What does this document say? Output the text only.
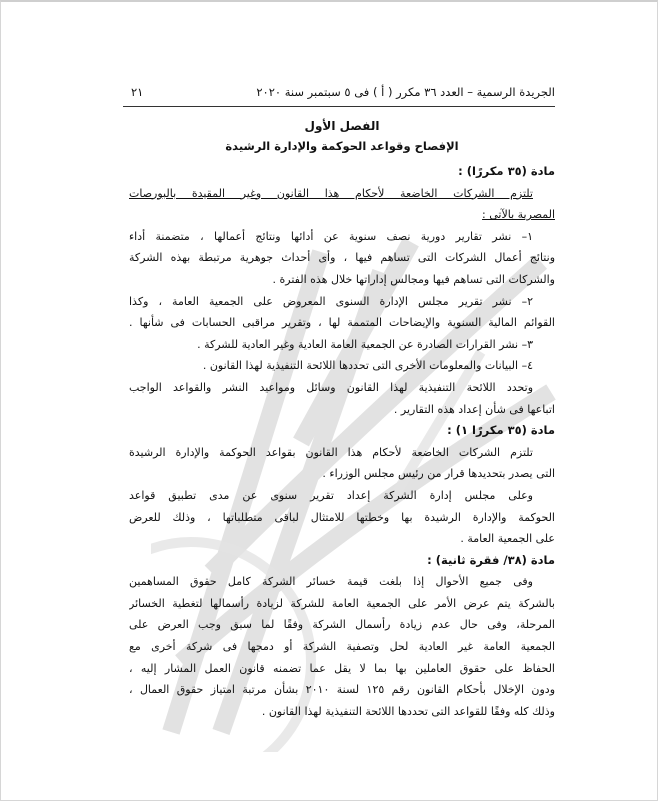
الجريدة الرسمية – العدد ٣٦ مكرر ( أ ) فى ٥ سبتمبر سنة ٢٠٢٠
٢١
الفصل الأول
الإفصاح وقواعد الحوكمة والإدارة الرشيدة
مادة (٣٥ مكررًا) :
تلتزم الشركات الخاضعة لأحكام هذا القانون وغير المقيدة بالبورصات
المصرية بالآتى :
١– نشر تقارير دورية نصف سنوية عن أدائها ونتائج أعمالها ، متضمنة أداء
ونتائج أعمال الشركات التى تساهم فيها ، وأى أحداث جوهرية مرتبطة بهذه الشركة
والشركات التى تساهم فيها ومجالس إداراتها خلال هذه الفترة .
٢– نشر تقرير مجلس الإدارة السنوى المعروض على الجمعية العامة ، وكذا
القوائم المالية السنوية والإيضاحات المتممة لها ، وتقرير مراقبى الحسابات فى شأنها .
٣– نشر القرارات الصادرة عن الجمعية العامة العادية وغير العادية للشركة .
٤– البيانات والمعلومات الأخرى التى تحددها اللائحة التنفيذية لهذا القانون .
وتحدد اللائحة التنفيذية لهذا القانون وسائل ومواعيد النشر والقواعد الواجب
اتباعها فى شأن إعداد هذه التقارير .
مادة (٣٥ مكررًا ١) :
تلتزم الشركات الخاضعة لأحكام هذا القانون بقواعد الحوكمة والإدارة الرشيدة
التى يصدر بتحديدها قرار من رئيس مجلس الوزراء .
وعلى مجلس إدارة الشركة إعداد تقرير سنوى عن مدى تطبيق قواعد
الحوكمة والإدارة الرشيدة بها وخطتها للامتثال لباقى متطلباتها ، وذلك للعرض
على الجمعية العامة .
مادة (٣٨/ فقرة ثانية) :
وفى جميع الأحوال إذا بلغت قيمة خسائر الشركة كامل حقوق المساهمين
بالشركة يتم عرض الأمر على الجمعية العامة للشركة لزيادة رأسمالها لتغطية الخسائر
المرحلة، وفى حال عدم زيادة رأسمال الشركة وفقًا لما سبق وجب العرض على
الجمعية العامة غير العادية لحل وتصفية الشركة أو دمجها فى شركة أخرى مع
الحفاظ على حقوق العاملين بها بما لا يقل عما تضمنه قانون العمل المشار إليه ،
ودون الإخلال بأحكام القانون رقم ١٢٥ لسنة ٢٠١٠ بشأن مرتبة امتياز حقوق العمال ،
وذلك كله وفقًا للقواعد التى تحددها اللائحة التنفيذية لهذا القانون .
